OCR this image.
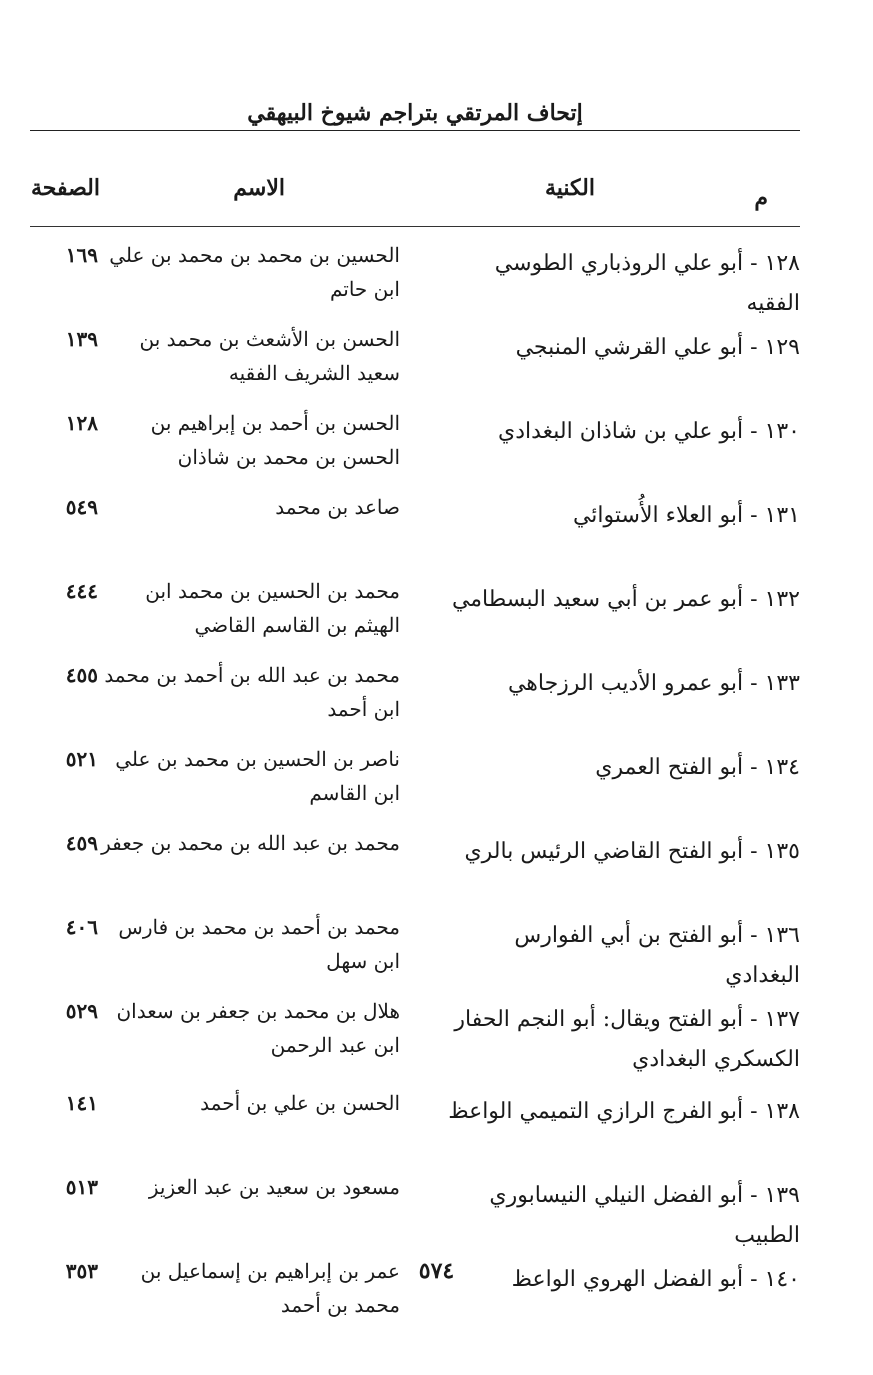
إتحاف المرتقي بتراجم شيوخ البيهقي
م
الكنية
الاسم
الصفحة
١٢٨ - أبو علي الروذباري الطوسي الفقيه
الحسين بن محمد بن محمد بن علي ابن حاتم
١٦٩
١٢٩ - أبو علي القرشي المنبجي
الحسن بن الأشعث بن محمد بن سعيد الشريف الفقيه
١٣٩
١٣٠ - أبو علي بن شاذان البغدادي
الحسن بن أحمد بن إبراهيم بن الحسن بن محمد بن شاذان
١٢٨
١٣١ - أبو العلاء الأُستوائي
صاعد بن محمد
٥٤٩
١٣٢ - أبو عمر بن أبي سعيد البسطامي
محمد بن الحسين بن محمد ابن الهيثم بن القاسم القاضي
٤٤٤
١٣٣ - أبو عمرو الأديب الرزجاهي
محمد بن عبد الله بن أحمد بن محمد ابن أحمد
٤٥٥
١٣٤ - أبو الفتح العمري
ناصر بن الحسين بن محمد بن علي ابن القاسم
٥٢١
١٣٥ - أبو الفتح القاضي الرئيس بالري
محمد بن عبد الله بن محمد بن جعفر
٤٥٩
١٣٦ - أبو الفتح بن أبي الفوارس البغدادي
محمد بن أحمد بن محمد بن فارس ابن سهل
٤٠٦
١٣٧ - أبو الفتح ويقال: أبو النجم الحفار الكسكري البغدادي
هلال بن محمد بن جعفر بن سعدان ابن عبد الرحمن
٥٢٩
١٣٨ - أبو الفرج الرازي التميمي الواعظ
الحسن بن علي بن أحمد
١٤١
١٣٩ - أبو الفضل النيلي النيسابوري الطبيب
مسعود بن سعيد بن عبد العزيز
٥١٣
١٤٠ - أبو الفضل الهروي الواعظ
عمر بن إبراهيم بن إسماعيل بن محمد بن أحمد
٣٥٣	٥٧٤
